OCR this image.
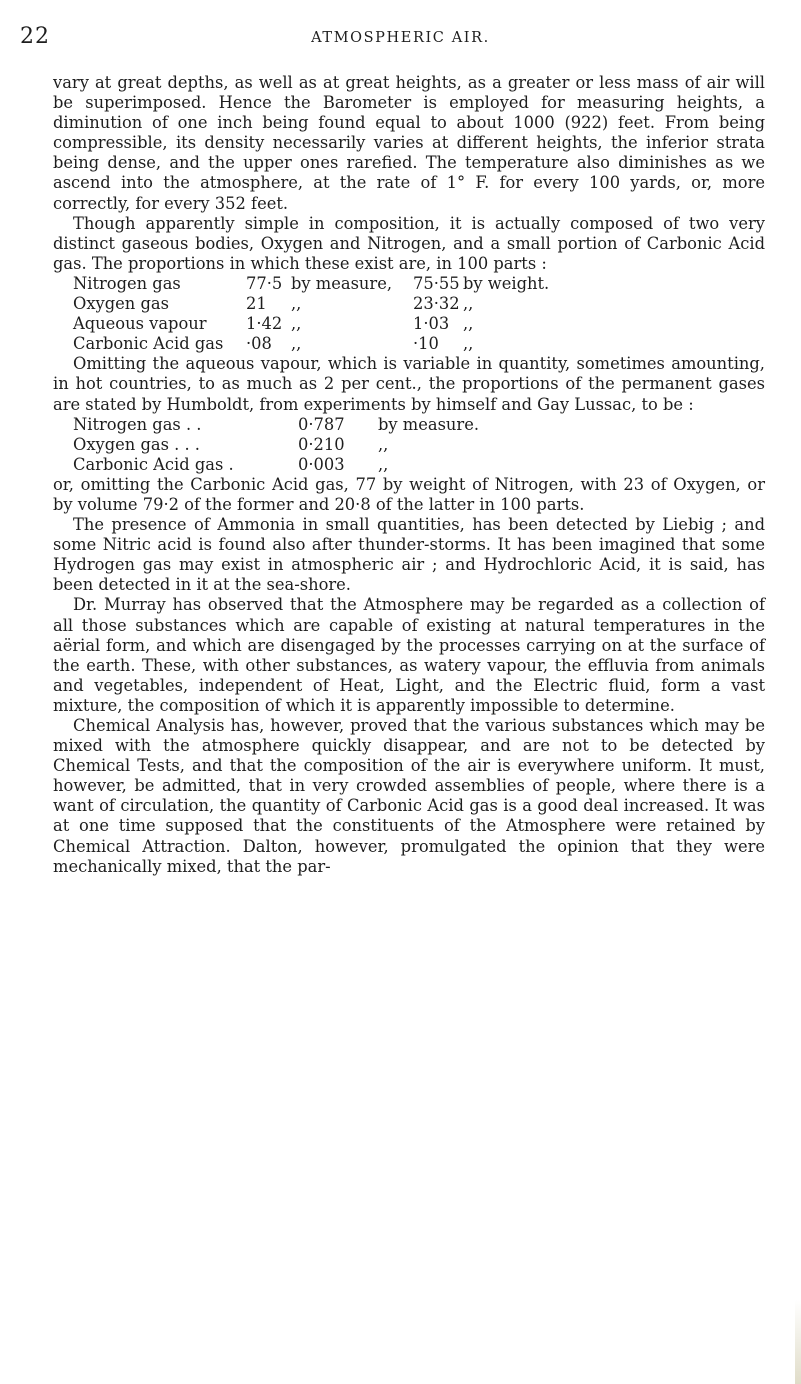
22	ATMOSPHERIC AIR.

vary at great depths, as well as at great heights, as a greater or less mass of air will be superimposed. Hence the Barometer is employed for measuring heights, a diminution of one inch being found equal to about 1000 (922) feet. From being compressible, its density necessarily varies at different heights, the inferior strata being dense, and the upper ones rarefied. The temperature also diminishes as we ascend into the atmosphere, at the rate of 1° F. for every 100 yards, or, more correctly, for every 352 feet.

Though apparently simple in composition, it is actually composed of two very distinct gaseous bodies, Oxygen and Nitrogen, and a small portion of Carbonic Acid gas. The proportions in which these exist are, in 100 parts :

Nitrogen gas	77·5	by measure,	75·55	by weight.
Oxygen gas	21	,,	23·32	,,
Aqueous vapour	1·42	,,	1·03	,,
Carbonic Acid gas	·08	,,	·10	,,

Omitting the aqueous vapour, which is variable in quantity, sometimes amounting, in hot countries, to as much as 2 per cent., the proportions of the permanent gases are stated by Humboldt, from experiments by himself and Gay Lussac, to be :

Nitrogen gas . .	0·787	by measure.
Oxygen gas . . .	0·210	,,
Carbonic Acid gas .	0·003	,,

or, omitting the Carbonic Acid gas, 77 by weight of Nitrogen, with 23 of Oxygen, or by volume 79·2 of the former and 20·8 of the latter in 100 parts.

The presence of Ammonia in small quantities, has been detected by Liebig ; and some Nitric acid is found also after thunder-storms. It has been imagined that some Hydrogen gas may exist in atmospheric air ; and Hydrochloric Acid, it is said, has been detected in it at the sea-shore.

Dr. Murray has observed that the Atmosphere may be regarded as a collection of all those substances which are capable of existing at natural temperatures in the aërial form, and which are disengaged by the processes carrying on at the surface of the earth. These, with other substances, as watery vapour, the effluvia from animals and vegetables, independent of Heat, Light, and the Electric fluid, form a vast mixture, the composition of which it is apparently impossible to determine.

Chemical Analysis has, however, proved that the various substances which may be mixed with the atmosphere quickly disappear, and are not to be detected by Chemical Tests, and that the composition of the air is everywhere uniform. It must, however, be admitted, that in very crowded assemblies of people, where there is a want of circulation, the quantity of Carbonic Acid gas is a good deal increased. It was at one time supposed that the constituents of the Atmosphere were retained by Chemical Attraction. Dalton, however, promulgated the opinion that they were mechanically mixed, that the par-
